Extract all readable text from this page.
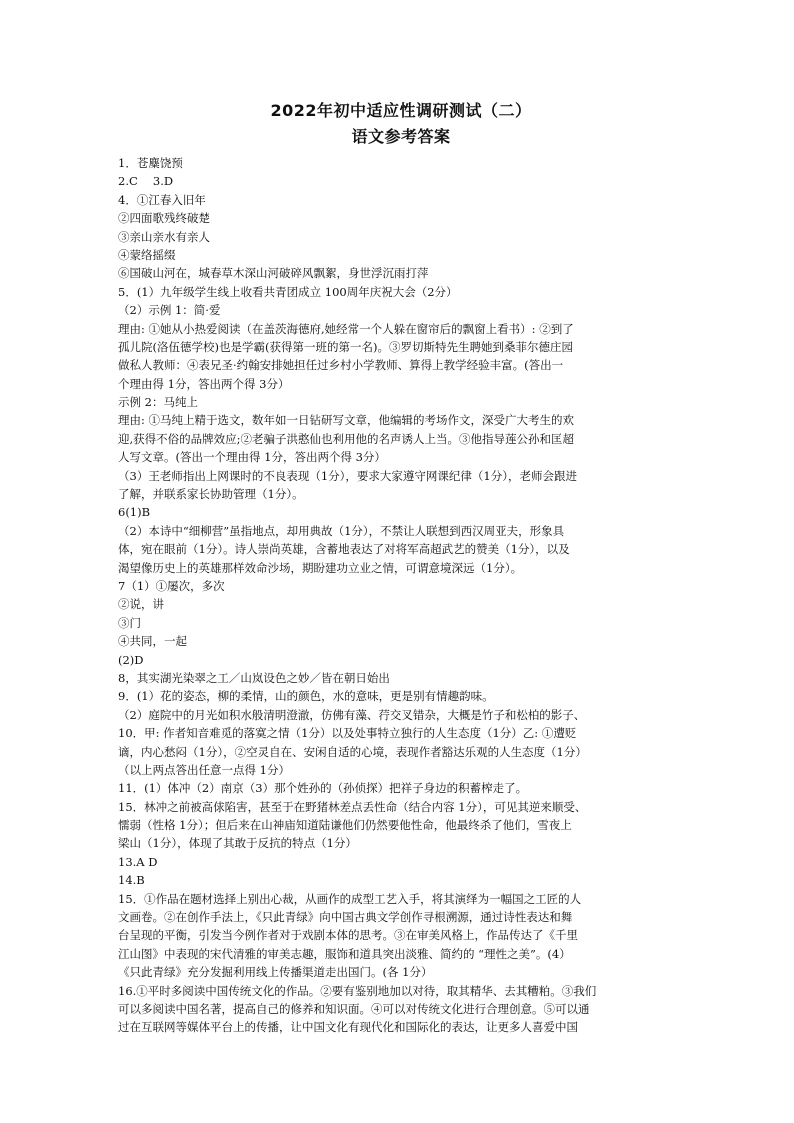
2022年初中适应性调研测试（二）
语文参考答案
1．苍麋饶预
2.C　 3.D
4．①江春入旧年
②四面歌残终破楚
③亲山亲水有亲人
④蒙络摇缀
⑥国破山河在，城春草木深山河破碎风飘絮，身世浮沉雨打萍
5．(1）九年级学生线上收看共青团成立 100周年庆祝大会（2分）
（2）示例 1：简·爱
理由: ①她从小热爱阅读（在盖茨海德府,她经常一个人躲在窗帘后的飘窗上看书）: ②到了
孤儿院(洛伍德学校)也是学霸(获得第一班的第一名)。③罗切斯特先生聘她到桑菲尔德庄园
做私人教师：④表兄圣·约翰安排她担任过乡村小学教师、算得上教学经验丰富。(答出一
个理由得 1分，答出两个得 3分）
示例 2：马纯上
理由: ①马纯上精于选文，数年如一日钻研写文章，他编辑的考场作文，深受广大考生的欢
迎,获得不俗的品牌效应;②老骗子洪憨仙也利用他的名声诱人上当。③他指导莲公孙和匡超
人写文章。(答出一个理由得 1分，答出两个得 3分）
（3）王老师指出上网课时的不良表现（1分），要求大家遵守网课纪律（1分），老师会跟进
了解，并联系家长协助管理（1分）。
6(1)B
（2）本诗中“细柳营”虽指地点，却用典故（1分），不禁让人联想到西汉周亚夫，形象具
体，宛在眼前（1分）。诗人崇尚英雄，含蓄地表达了对将军高超武艺的赞美（1分），以及
渴望像历史上的英雄那样效命沙场，期盼建功立业之情，可谓意境深远（1分）。
7（1）①屡次，多次
②说，讲
③门
④共同，一起
(2)D
8，其实湖光染翠之工／山岚设色之妙／皆在朝日始出
9．(1）花的姿态，柳的柔情，山的颜色，水的意味，更是别有情趣韵味。
（2）庭院中的月光如积水般清明澄澈，仿佛有藻、荇交叉错杂，大概是竹子和松柏的影子、
10．甲: 作者知音难觅的落寞之情（1分）以及处事特立独行的人生态度（1分）乙: ①遭贬
谪，内心愁闷（1分），②空灵自在、安闲自适的心境，表现作者豁达乐观的人生态度（1分）
（以上两点答出任意一点得 1分）
11．(1）体冲（2）南京（3）那个姓孙的（孙侦探）把祥子身边的积蓄榨走了。
15．林冲之前被高俅陷害，甚至于在野猪林差点丢性命（结合内容 1分），可见其逆来顺受、
懦弱（性格 1分）；但后来在山神庙知道陆谦他们仍然要他性命，他最终杀了他们，雪夜上
梁山（1分），体现了其敢于反抗的特点（1分）
13.A D
14.B
15．①作品在题材选择上别出心裁，从画作的成型工艺入手，将其演绎为一幅国之工匠的人
文画卷。②在创作手法上，《只此青绿》向中国古典文学创作寻根溯源，通过诗性表达和舞
台呈现的平衡，引发当今例作者对于戏剧本体的思考。③在审美风格上，作品传达了《千里
江山图》中表现的宋代清雅的审美志趣，服饰和道具突出淡雅、简约的 “理性之美”。(4）
《只此青绿》充分发掘利用线上传播渠道走出国门。(各 1分）
16.①平时多阅读中国传统文化的作品。②要有鉴别地加以对待，取其精华、去其糟粕。③我们
可以多阅读中国名著，提高自己的修养和知识面。④可以对传统文化进行合理创意。⑤可以通
过在互联网等媒体平台上的传播，让中国文化有现代化和国际化的表达，让更多人喜爱中国
